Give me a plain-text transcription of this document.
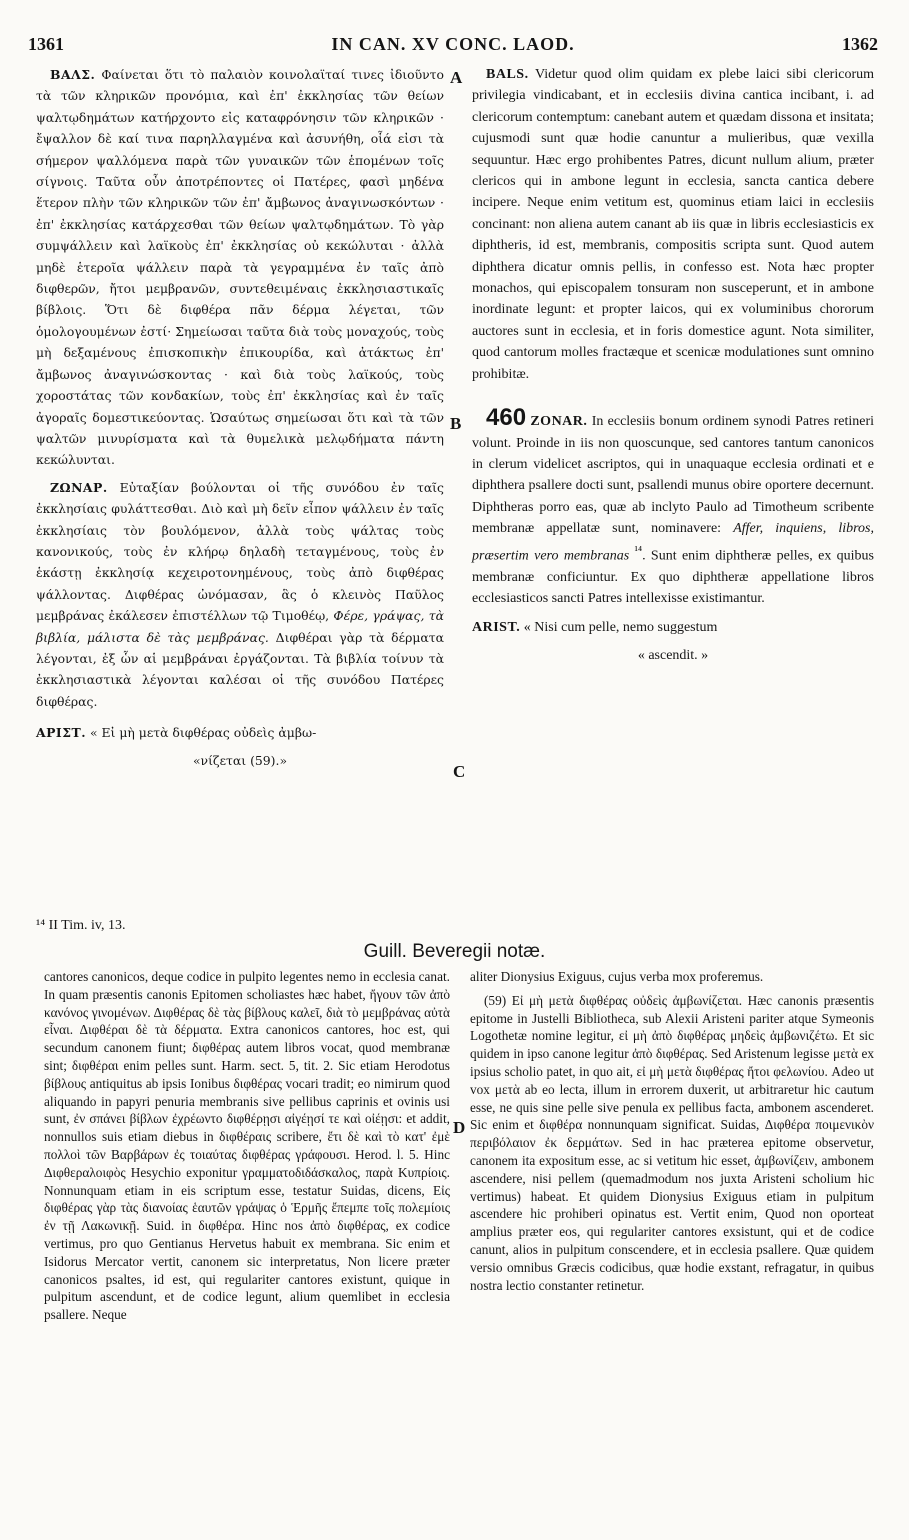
1361	IN CAN. XV CONC. LAOD.	1362
A
B
C
D

ΒΑΛΣ. Φαίνεται ὅτι τὸ παλαιὸν κοινολαϊταί τινες ἰδιοῦντο τὰ τῶν κληρικῶν προνόμια, καὶ ἐπ' ἐκκλησίας τῶν θείων ψαλτῳδημάτων κατήρχοντο εἰς καταφρόνησιν τῶν κληρικῶν · ἔψαλλον δὲ καί τινα παρηλλαγμένα καὶ ἀσυνήθη, οἷά εἰσι τὰ σήμερον ψαλλόμενα παρὰ τῶν γυναικῶν τῶν ἑπομένων τοῖς σίγνοις. Ταῦτα οὖν ἀποτρέποντες οἱ Πατέρες, φασὶ μηδένα ἕτερον πλὴν τῶν κληρικῶν τῶν ἐπ' ἄμβωνος ἀναγινωσκόντων · ἐπ' ἐκκλησίας κατάρχεσθαι τῶν θείων ψαλτῳδημάτων. Τὸ γὰρ συμψάλλειν καὶ λαϊκοὺς ἐπ' ἐκκλησίας οὐ κεκώλυται · ἀλλὰ μηδὲ ἑτεροῖα ψάλλειν παρὰ τὰ γεγραμμένα ἐν ταῖς ἀπὸ διφθερῶν, ἤτοι μεμβρανῶν, συντεθειμέναις ἐκκλησιαστικαῖς βίβλοις. Ὅτι δὲ διφθέρα πᾶν δέρμα λέγεται, τῶν ὁμολογουμένων ἐστί· Σημείωσαι ταῦτα διὰ τοὺς μοναχούς, τοὺς μὴ δεξαμένους ἐπισκοπικὴν ἐπικουρίδα, καὶ ἀτάκτως ἐπ' ἄμβωνος ἀναγινώσκοντας · καὶ διὰ τοὺς λαϊκούς, τοὺς χοροστάτας τῶν κονδακίων, τοὺς ἐπ' ἐκκλησίας καὶ ἐν ταῖς ἀγοραῖς δομεστικεύοντας. Ὡσαύτως σημείωσαι ὅτι καὶ τὰ τῶν ψαλτῶν μινυρίσματα καὶ τὰ θυμελικὰ μελῳδήματα πάντη κεκώλυνται.

ΖΩΝΑΡ. Εὐταξίαν βούλονται οἱ τῆς συνόδου ἐν ταῖς ἐκκλησίαις φυλάττεσθαι. Διὸ καὶ μὴ δεῖν εἶπον ψάλλειν ἐν ταῖς ἐκκλησίαις τὸν βουλόμενον, ἀλλὰ τοὺς ψάλτας τοὺς κανονικούς, τοὺς ἐν κλήρῳ δηλαδὴ τεταγμένους, τοὺς ἐν ἑκάστῃ ἐκκλησίᾳ κεχειροτονημένους, τοὺς ἀπὸ διφθέρας ψάλλοντας. Διφθέρας ὠνόμασαν, ἃς ὁ κλεινὸς Παῦλος μεμβράνας ἐκάλεσεν ἐπιστέλλων τῷ Τιμοθέῳ, Φέρε, γράψας, τὰ βιβλία, μάλιστα δὲ τὰς μεμβράνας. Διφθέραι γὰρ τὰ δέρματα λέγονται, ἐξ ὧν αἱ μεμβράναι ἐργάζονται. Τὰ βιβλία τοίνυν τὰ ἐκκλησιαστικὰ λέγονται καλέσαι οἱ τῆς συνόδου Πατέρες διφθέρας.

ΑΡΙΣΤ. « Εἰ μὴ μετὰ διφθέρας οὐδεὶς ἀμβω-

«νίζεται (59).»

BALS. Videtur quod olim quidam ex plebe laici sibi clericorum privilegia vindicabant, et in ecclesiis divina cantica incibant, i. ad clericorum contemptum: canebant autem et quædam dissona et insitata; cujusmodi sunt quæ hodie canuntur a mulieribus, quæ vexilla sequuntur. Hæc ergo prohibentes Patres, dicunt nullum alium, præter clericos qui in ambone legunt in ecclesia, sancta cantica debere incipere. Neque enim vetitum est, quominus etiam laici in ecclesiis concinant: non aliena autem canant ab iis quæ in libris ecclesiasticis ex diphtheris, id est, membranis, compositis scripta sunt. Quod autem diphthera dicatur omnis pellis, in confesso est. Nota hæc propter monachos, qui episcopalem tonsuram non susceperunt, et in ambone inordinate legunt: et propter laicos, qui ex voluminibus chororum auctores sunt in ecclesia, et in foris domestice agunt. Nota similiter, quod cantorum molles fractæque et scenicæ modulationes sunt omnino prohibitæ.

460 ZONAR. In ecclesiis bonum ordinem synodi Patres retineri volunt. Proinde in iis non quoscunque, sed cantores tantum canonicos in clerum videlicet ascriptos, qui in unaquaque ecclesia ordinati et e diphthera psallere docti sunt, psallendi munus obire oportere decernunt. Diphtheras porro eas, quæ ab inclyto Paulo ad Timotheum scribente membranæ appellatæ sunt, nominavere: Affer, inquiens, libros, præsertim vero membranas $^{^{14}}$. Sunt enim diphtheræ pelles, ex quibus membranæ conficiuntur. Ex quo diphtheræ appellatione libros ecclesiasticos sancti Patres intellexisse existimantur.

ARIST. « Nisi cum pelle, nemo suggestum

« ascendit. »
¹⁴ II Tim. iv, 13.
Guill. Beveregii notæ.

cantores canonicos, deque codice in pulpito legentes nemo in ecclesia canat. In quam præsentis canonis Epitomen scholiastes hæc habet, ἤγουν τῶν ἀπὸ κανόνος γινομένων. Διφθέρας δὲ τὰς βίβλους καλεῖ, διὰ τὸ μεμβράνας αὐτὰ εἶναι. Διφθέραι δὲ τὰ δέρματα. Extra canonicos cantores, hoc est, qui secundum canonem fiunt; διφθέρας autem libros vocat, quod membranæ sint; διφθέραι enim pelles sunt. Harm. sect. 5, tit. 2. Sic etiam Herodotus βίβλους antiquitus ab ipsis Ionibus διφθέρας vocari tradit; eo nimirum quod aliquando in papyri penuria membranis sive pellibus caprinis et ovinis usi sunt, ἐν σπάνει βίβλων ἐχρέωντο διφθέρῃσι αἰγέῃσί τε καὶ οἰέῃσι: et addit, nonnullos suis etiam diebus in διφθέραις scribere, ἔτι δὲ καὶ τὸ κατ' ἐμὲ πολλοὶ τῶν Βαρβάρων ἐς τοιαύτας διφθέρας γράφουσι. Herod. l. 5. Hinc Διφθεραλοιφὸς Hesychio exponitur γραμματοδιδάσκαλος, παρὰ Κυπρίοις. Nonnunquam etiam in eis scriptum esse, testatur Suidas, dicens, Εἰς διφθέρας γὰρ τὰς διανοίας ἑαυτῶν γράψας ὁ Ἑρμῆς ἔπεμπε τοῖς πολεμίοις ἐν τῇ Λακωνικῇ. Suid. in διφθέρα. Hinc nos ἀπὸ διφθέρας, ex codice vertimus, pro quo Gentianus Hervetus habuit ex membrana. Sic enim et Isidorus Mercator vertit, canonem sic interpretatus, Non licere præter canonicos psaltes, id est, qui regulariter cantores existunt, quique in pulpitum ascendunt, et de codice legunt, alium quemlibet in ecclesia psallere. Neque

aliter Dionysius Exiguus, cujus verba mox proferemus.

(59) Εἰ μὴ μετὰ διφθέρας οὐδεὶς ἀμβωνίζεται. Hæc canonis præsentis epitome in Justelli Bibliotheca, sub Alexii Aristeni pariter atque Symeonis Logothetæ nomine legitur, εἰ μὴ ἀπὸ διφθέρας μηδεὶς ἀμβωνιζέτω. Et sic quidem in ipso canone legitur ἀπὸ διφθέρας. Sed Aristenum legisse μετὰ ex ipsius scholio patet, in quo ait, εἰ μὴ μετὰ διφθέρας ἤτοι φελωνίου. Adeo ut vox μετὰ ab eo lecta, illum in errorem duxerit, ut arbitraretur hic cautum esse, ne quis sine pelle sive penula ex pellibus facta, ambonem ascenderet. Sic enim et διφθέρα nonnunquam significat. Suidas, Διφθέρα ποιμενικὸν περιβόλαιον ἐκ δερμάτων. Sed in hac præterea epitome observetur, canonem ita expositum esse, ac si vetitum hic esset, ἀμβωνίζειν, ambonem ascendere, nisi pellem (quemadmodum nos juxta Aristeni scholium hic vertimus) habeat. Et quidem Dionysius Exiguus etiam in pulpitum ascendere hic prohiberi opinatus est. Vertit enim, Quod non oporteat amplius præter eos, qui regulariter cantores exsistunt, qui et de codice canunt, alios in pulpitum conscendere, et in ecclesia psallere. Quæ quidem versio omnibus Græcis codicibus, quæ hodie exstant, refragatur, in quibus nostra lectio constanter retinetur.
